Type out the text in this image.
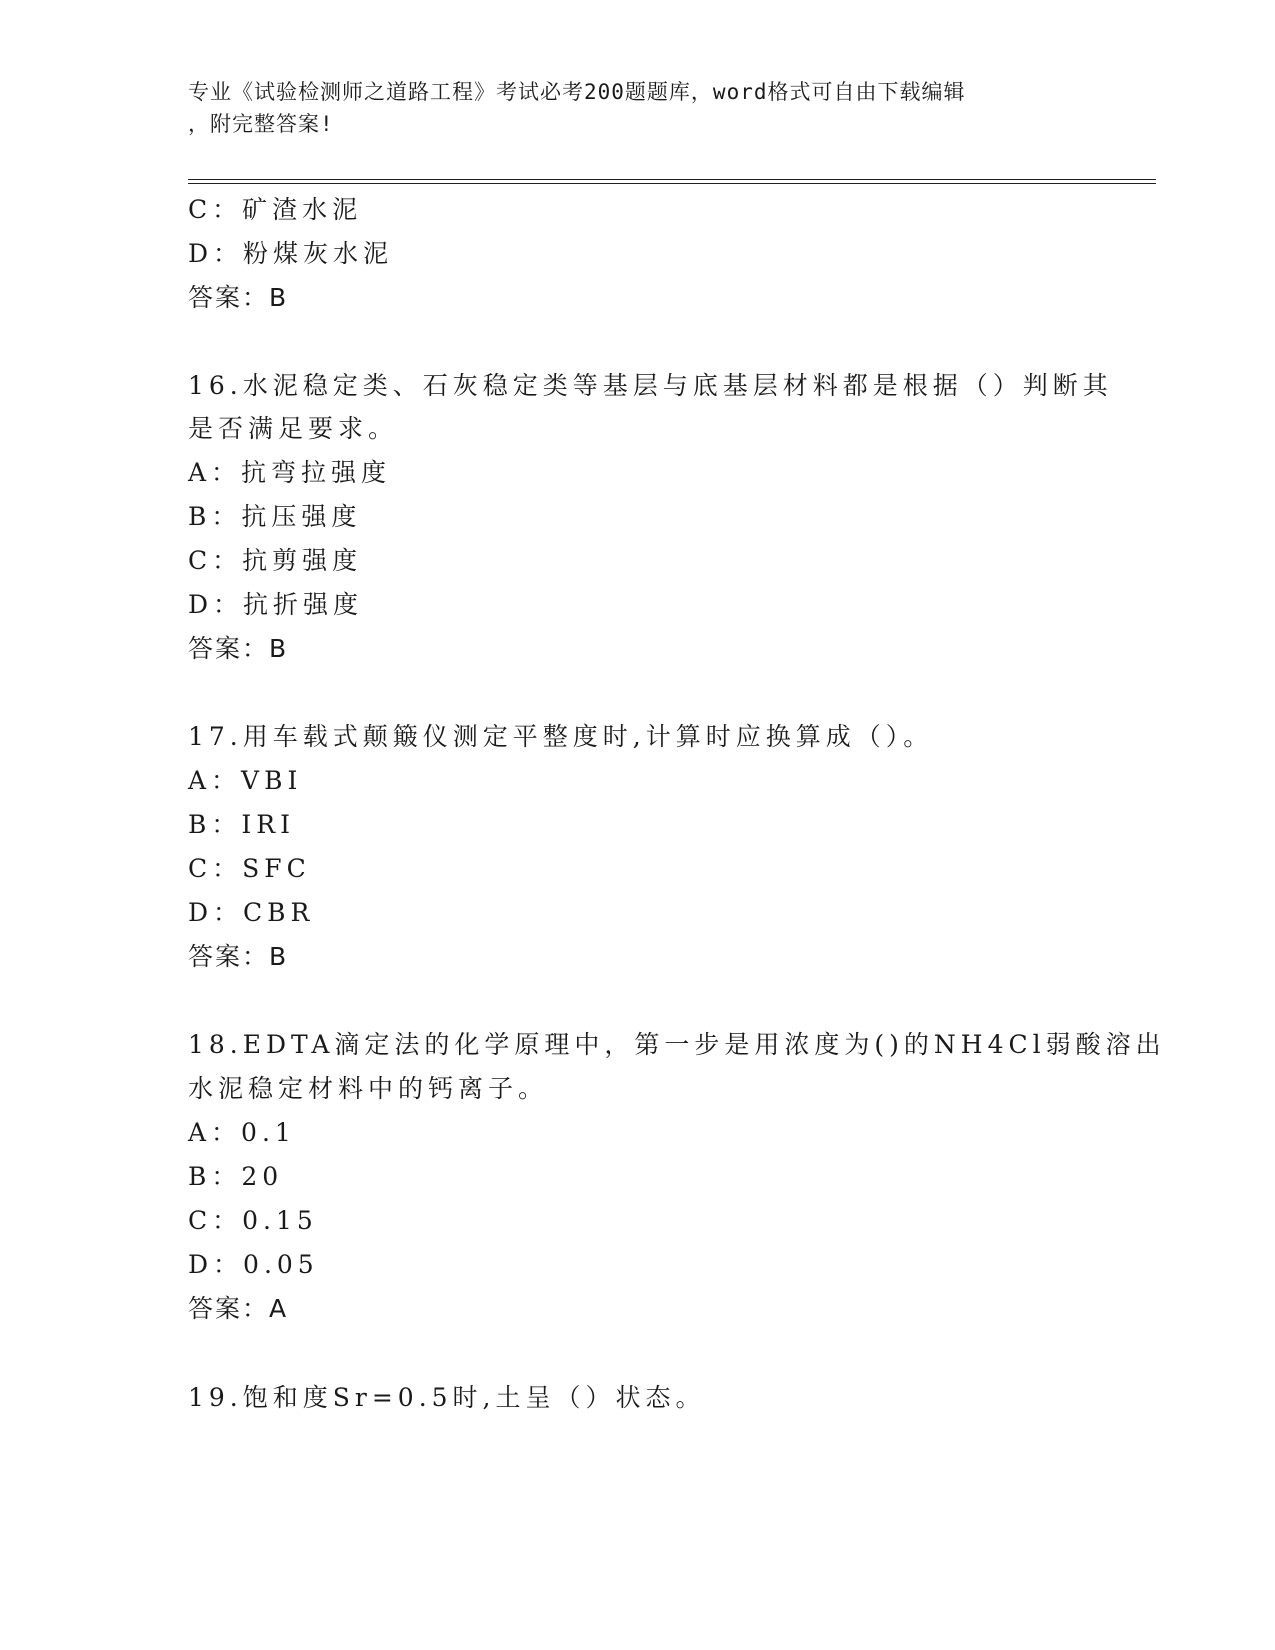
专业《试验检测师之道路工程》考试必考200题题库，word格式可自由下载编辑
，附完整答案!
C：矿渣水泥
D：粉煤灰水泥
答案：B
16.水泥稳定类、石灰稳定类等基层与底基层材料都是根据（）判断其
是否满足要求。
A：抗弯拉强度
B：抗压强度
C：抗剪强度
D：抗折强度
答案：B
17.用车载式颠簸仪测定平整度时,计算时应换算成（）。
A：VBI
B：IRI
C：SFC
D：CBR
答案：B
18.EDTA滴定法的化学原理中，第一步是用浓度为()的NH4Cl弱酸溶出
水泥稳定材料中的钙离子。
A：0.1
B：20
C：0.15
D：0.05
答案：A
19.饱和度Sr=0.5时,土呈（）状态。
